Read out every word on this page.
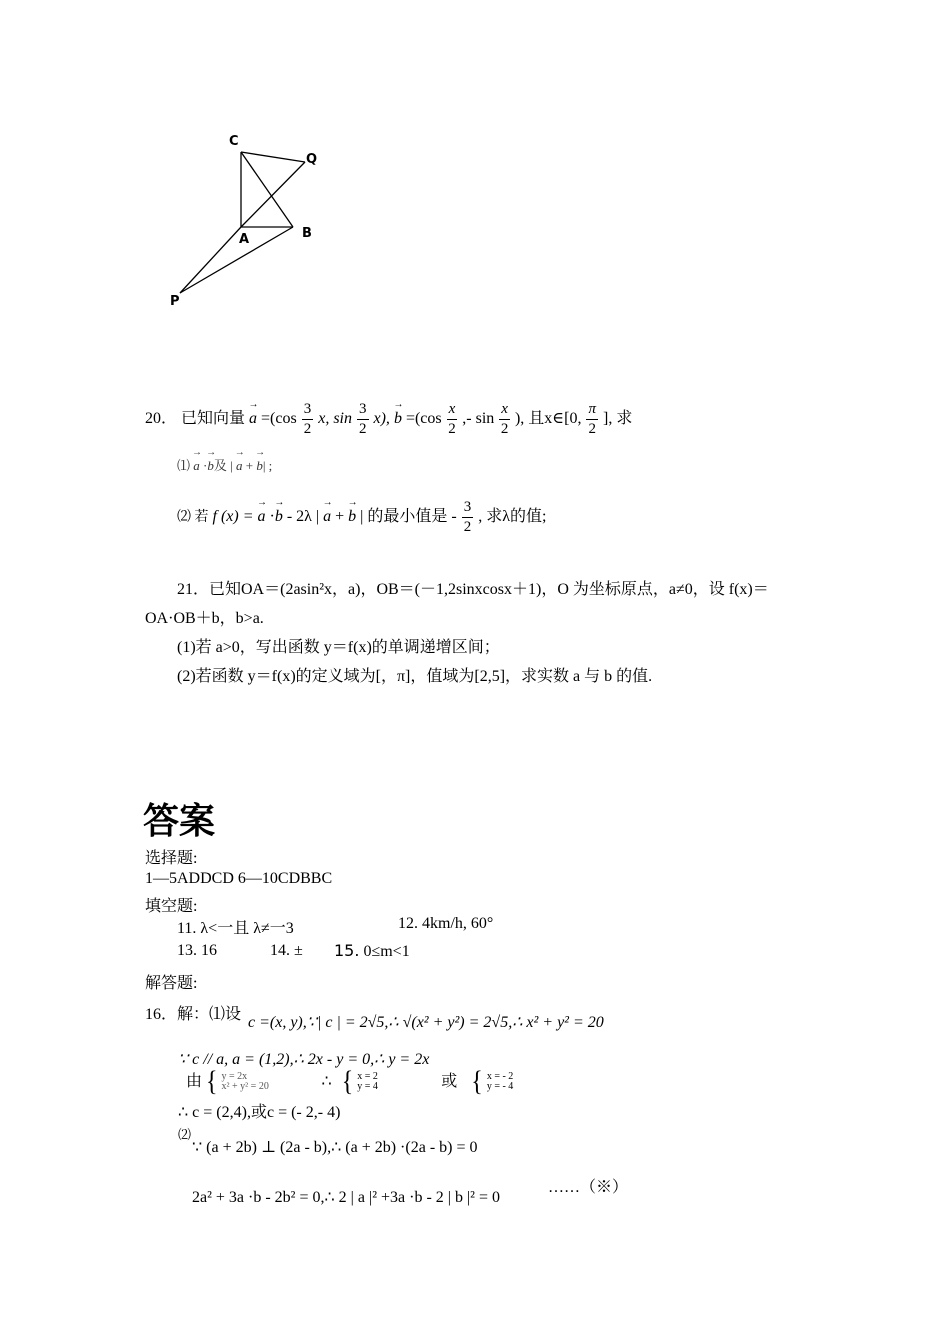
C
Q
A	B
P
20． 已知向量 → $a =(\cos \frac{3}{2} x$, $\sin \frac{3}{2} x$), → $b =(\cos \frac{x}{2}$ ,- $\sin \frac{x}{2}$ ), 且x∈[0, $\frac{\pi}{2}$ ], 求
⑴ → a ·→ b及 | → a + → b| ;
⑵ 若 f (x) = → a ·→ b - 2λ | → a + → b | 的最小值是 - $\frac{3}{2}$ , 求λ的值;
21．已知OA＝(2asin²x，a)，OB＝(－1,2sinxcosx＋1)，O 为坐标原点，a≠0，设 f(x)＝
OA·OB＋b，b>a.
(1)若 a>0，写出函数 y＝f(x)的单调递增区间；
(2)若函数 y＝f(x)的定义域为[，π]，值域为[2,5]，求实数 a 与 b 的值.
答案
选择题:
1—5ADDCD 6—10CDBBC
填空题:
11. λ<一且 λ≠一3	12. 4km/h, 60°
13. 16	14. ± 15. 0≤m<1
解答题:
16．解：⑴设 c =(x, y),∵| c | = 2√5,∴ √(x² + y²) = 2√5,∴ x² + y² = 20
∵ c // a, a = (1,2),∴ 2x - y = 0,∴ y = 2x
由 { y = 2x
x² + y² = 20	∴ { x = 2
y = 4	或 { x = - 2
y = - 4
∴ c = (2,4),或c = (- 2,- 4)
⑵
∵ (a + 2b) ⊥ (2a - b),∴ (a + 2b) ·(2a - b) = 0
2a² + 3a ·b - 2b² = 0,∴ 2 | a |² +3a ·b - 2 | b |² = 0
……（※）
